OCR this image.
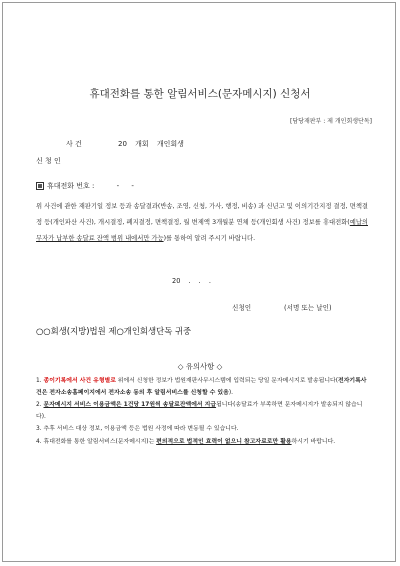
휴대전화를 통한 알림서비스(문자메시지) 신청서
[담당재판부 : 제 개인회생단독]
사 건	20 개회 개인회생
신 청 인
휴대전화 번호 :	- -
위 사건에 관한 재판기일 정보 등과 송달결과(반송, 조영, 신청, 가사, 행정, 비송) 과 신년고 및 이의기간지정 결정, 면책결정 등(개인파산 사건), 개시결정, 폐지결정, 면책결정, 월 변제액 3개월분 연체 등(개인회생 사건) 정보를 휴대전화(예납의무자가 납부한 송달료 잔액 범위 내에서만 가능)를 통하여 알려 주시기 바랍니다.
20 . . .
신청인	(서명 또는 날인)
○○회생(지방)법원 제○개인회생단독 귀중
◇ 유의사항 ◇

1. 종이기록에서 사건 유형별로 위에서 신청한 정보가 법원재판사무시스템에 입력되는 당일 문자메시지로 발송됩니다(전자기록사건은 전자소송홈페이지에서 전자소송 동의 후 알림서비스를 신청할 수 있음).

2. 문자메시지 서비스 이용금액은 1건당 17원씩 송달료잔액에서 지급됩니다(송달료가 부족하면 문자메시지가 발송되지 않습니다).

3. 추후 서비스 대상 정보, 이용금액 등은 법원 사정에 따라 변동될 수 있습니다.

4. 휴대전화를 통한 알림서비스(문자메시지)는 편의적으로 법적인 효력이 없으니 참고자료로만 활용하시기 바랍니다.
